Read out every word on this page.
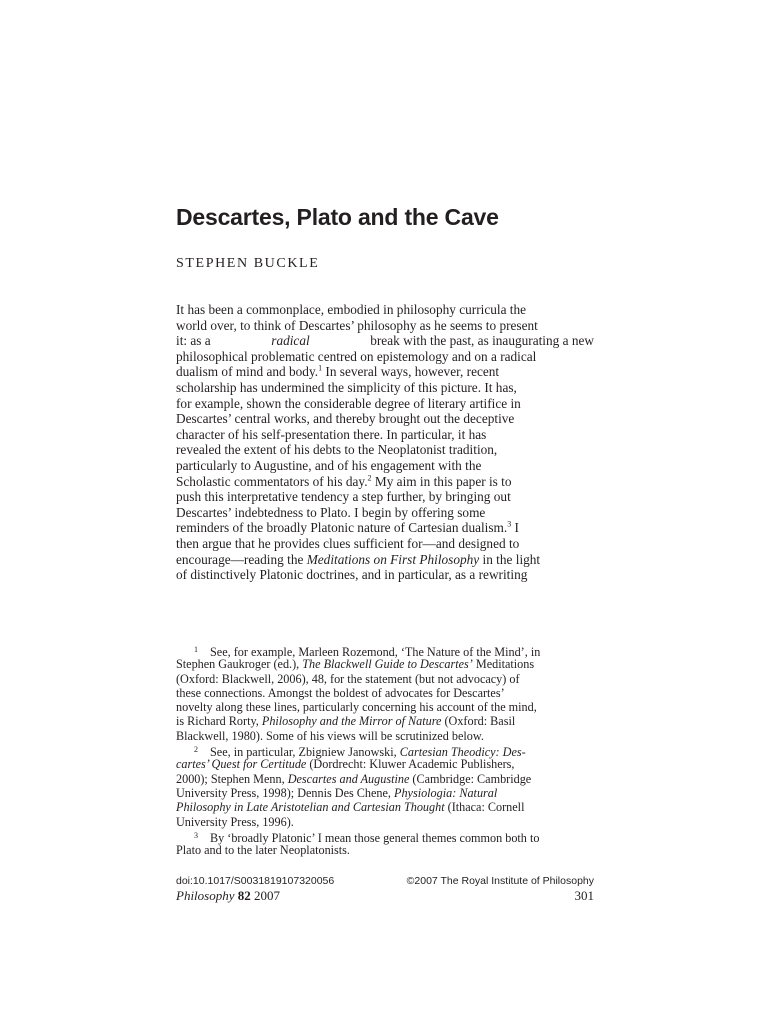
Descartes, Plato and the Cave
STEPHEN BUCKLE
It has been a commonplace, embodied in philosophy curricula the
world over, to think of Descartes’ philosophy as he seems to present
it: as a	radical	break with the past, as inaugurating a new
philosophical problematic centred on epistemology and on a radical
dualism of mind and body.$^1$ In several ways, however, recent
scholarship has undermined the simplicity of this picture. It has,
for example, shown the considerable degree of literary artifice in
Descartes’ central works, and thereby brought out the deceptive
character of his self-presentation there. In particular, it has
revealed the extent of his debts to the Neoplatonist tradition,
particularly to Augustine, and of his engagement with the
Scholastic commentators of his day.$^2$ My aim in this paper is to
push this interpretative tendency a step further, by bringing out
Descartes’ indebtedness to Plato. I begin by offering some
reminders of the broadly Platonic nature of Cartesian dualism.$^3$ I
then argue that he provides clues sufficient for—and designed to
encourage—reading the Meditations on First Philosophy in the light
of distinctively Platonic doctrines, and in particular, as a rewriting
1 See, for example, Marleen Rozemond, ‘The Nature of the Mind’, in
Stephen Gaukroger (ed.), The Blackwell Guide to Descartes’ Meditations
(Oxford: Blackwell, 2006), 48, for the statement (but not advocacy) of
these connections. Amongst the boldest of advocates for Descartes’
novelty along these lines, particularly concerning his account of the mind,
is Richard Rorty, Philosophy and the Mirror of Nature (Oxford: Basil
Blackwell, 1980). Some of his views will be scrutinized below.
2 See, in particular, Zbigniew Janowski, Cartesian Theodicy: Des-
cartes’ Quest for Certitude (Dordrecht: Kluwer Academic Publishers,
2000); Stephen Menn, Descartes and Augustine (Cambridge: Cambridge
University Press, 1998); Dennis Des Chene, Physiologia: Natural
Philosophy in Late Aristotelian and Cartesian Thought (Ithaca: Cornell
University Press, 1996).
3 By ‘broadly Platonic’ I mean those general themes common both to
Plato and to the later Neoplatonists.
doi:10.1017/S0031819107320056	©2007 The Royal Institute of Philosophy
Philosophy 82 2007	301
